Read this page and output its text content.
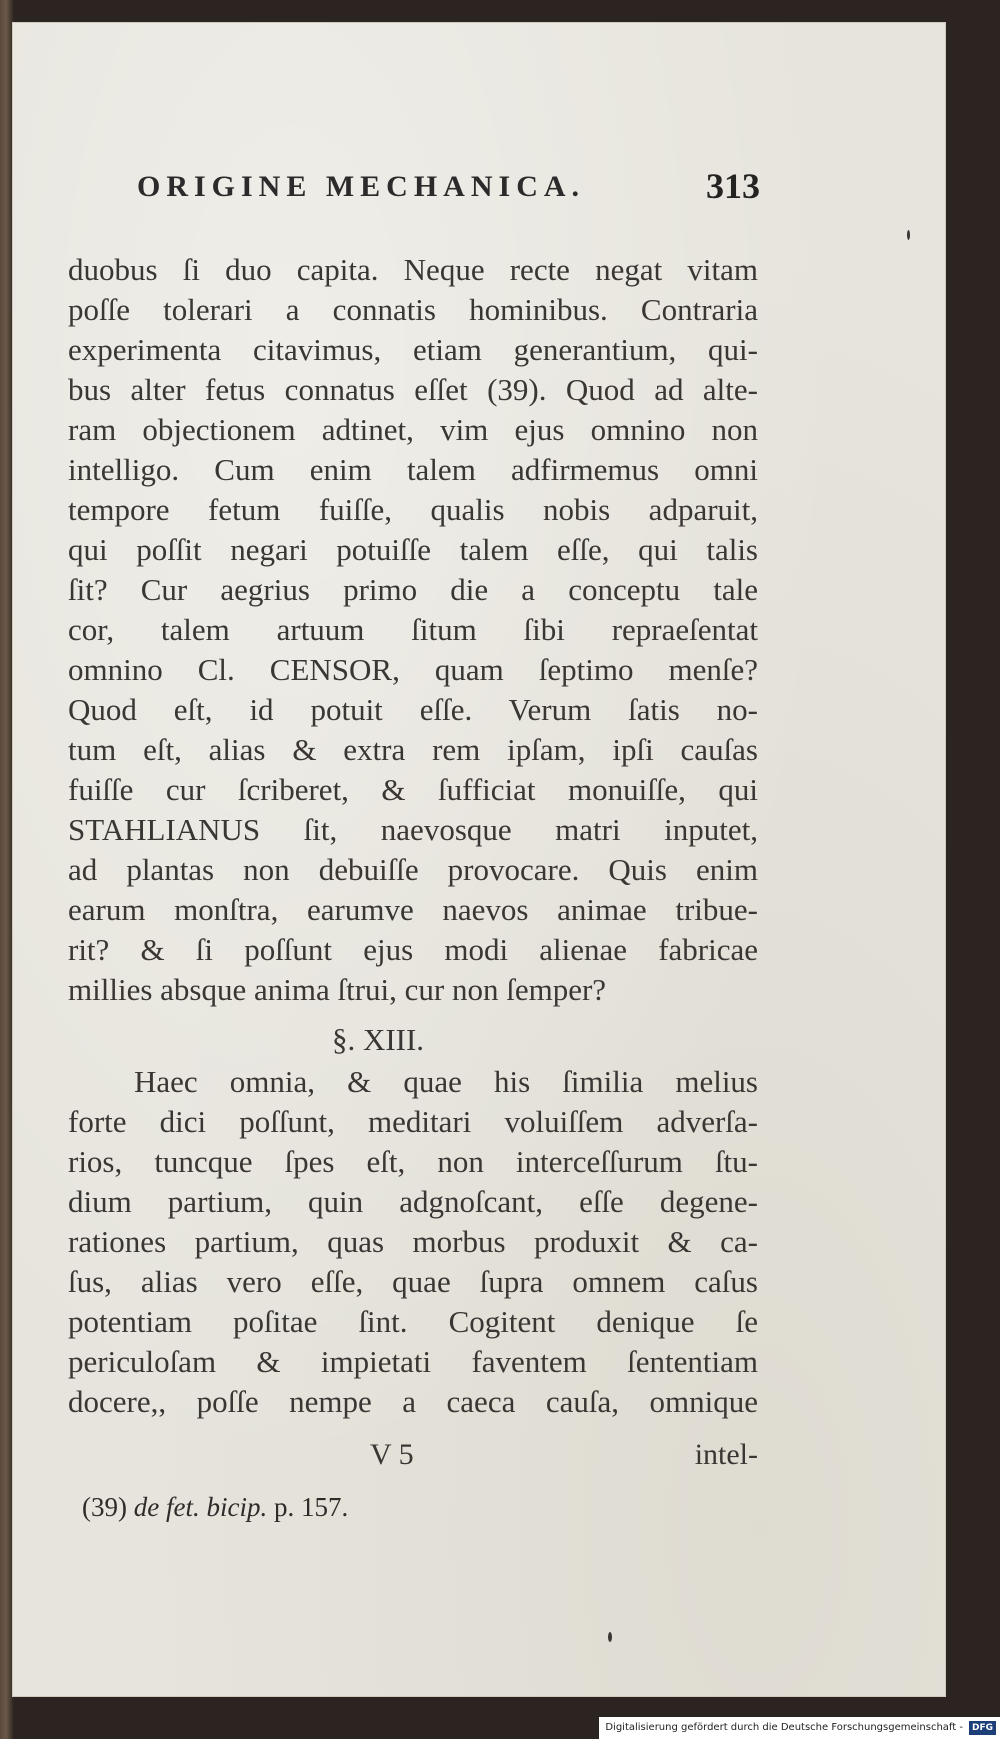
ORIGINE MECHANICA.	313
duobus ſi duo capita. Neque recte negat vitam
poſſe tolerari a connatis hominibus. Contraria
experimenta citavimus, etiam generantium, qui-
bus alter fetus connatus eſſet (39). Quod ad alte-
ram objectionem adtinet, vim ejus omnino non
intelligo. Cum enim talem adfirmemus omni
tempore fetum fuiſſe, qualis nobis adparuit,
qui poſſit negari potuiſſe talem eſſe, qui talis
ſit? Cur aegrius primo die a conceptu tale
cor, talem artuum ſitum ſibi repraeſentat
omnino Cl. CENSOR, quam ſeptimo menſe?
Quod eſt, id potuit eſſe. Verum ſatis no-
tum eſt, alias & extra rem ipſam, ipſi cauſas
fuiſſe cur ſcriberet, & ſufficiat monuiſſe, qui
STAHLIANUS ſit, naevosque matri inputet,
ad plantas non debuiſſe provocare. Quis enim
earum monſtra, earumve naevos animae tribue-
rit? & ſi poſſunt ejus modi alienae fabricae
millies absque anima ſtrui, cur non ſemper?
§. XIII.
Haec omnia, & quae his ſimilia melius
forte dici poſſunt, meditari voluiſſem adverſa-
rios, tuncque ſpes eſt, non interceſſurum ſtu-
dium partium, quin adgnoſcant, eſſe degene-
rationes partium, quas morbus produxit & ca-
ſus, alias vero eſſe, quae ſupra omnem caſus
potentiam poſitae ſint. Cogitent denique ſe
periculoſam & impietati faventem ſententiam
docere,, poſſe nempe a caeca cauſa, omnique
V 5	intel-
(39) de fet. bicip. p. 157.
Digitalisierung gefördert durch die Deutsche Forschungsgemeinschaft -	DFG
